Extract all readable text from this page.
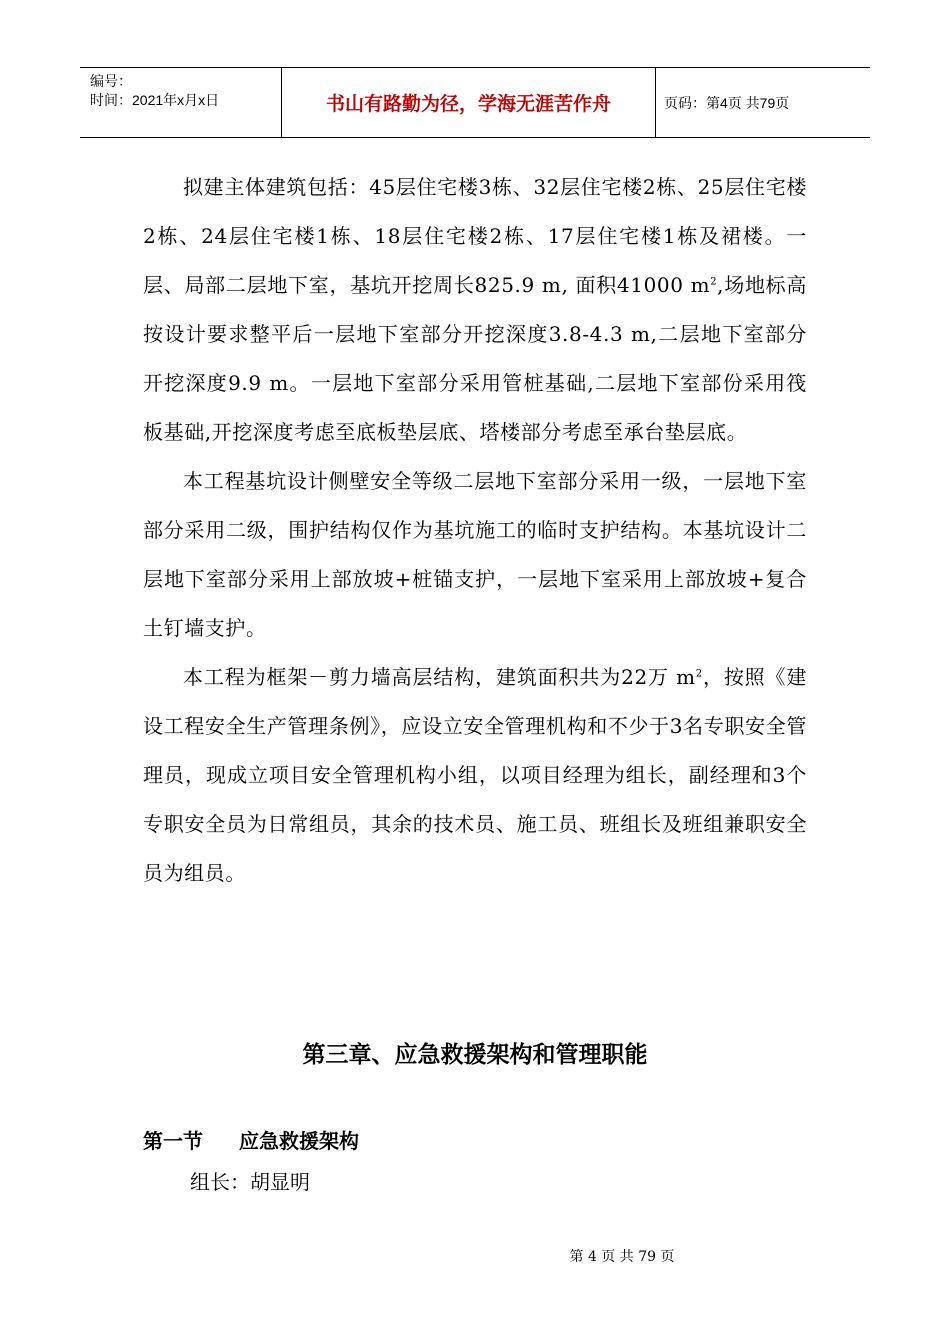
编号：
时间：2021年x月x日	书山有路勤为径，学海无涯苦作舟	页码：第4页 共79页

拟建主体建筑包括：45层住宅楼3栋、32层住宅楼2栋、25层住宅楼2栋、24层住宅楼1栋、18层住宅楼2栋、17层住宅楼1栋及裙楼。一层、局部二层地下室，基坑开挖周长825.9 m, 面积41000 $m^2$,场地标高按设计要求整平后一层地下室部分开挖深度3.8-4.3 m,二层地下室部分开挖深度9.9 m。一层地下室部分采用管桩基础,二层地下室部份采用筏板基础,开挖深度考虑至底板垫层底、塔楼部分考虑至承台垫层底。

本工程基坑设计侧壁安全等级二层地下室部分采用一级，一层地下室部分采用二级，围护结构仅作为基坑施工的临时支护结构。本基坑设计二层地下室部分采用上部放坡+桩锚支护，一层地下室采用上部放坡+复合土钉墙支护。

本工程为框架－剪力墙高层结构，建筑面积共为22万 $m^2$，按照《建设工程安全生产管理条例》，应设立安全管理机构和不少于3名专职安全管理员，现成立项目安全管理机构小组，以项目经理为组长，副经理和3个专职安全员为日常组员，其余的技术员、施工员、班组长及班组兼职安全员为组员。

第三章、应急救援架构和管理职能
第一节 应急救援架构
组长：胡显明
第 4 页 共 79 页
